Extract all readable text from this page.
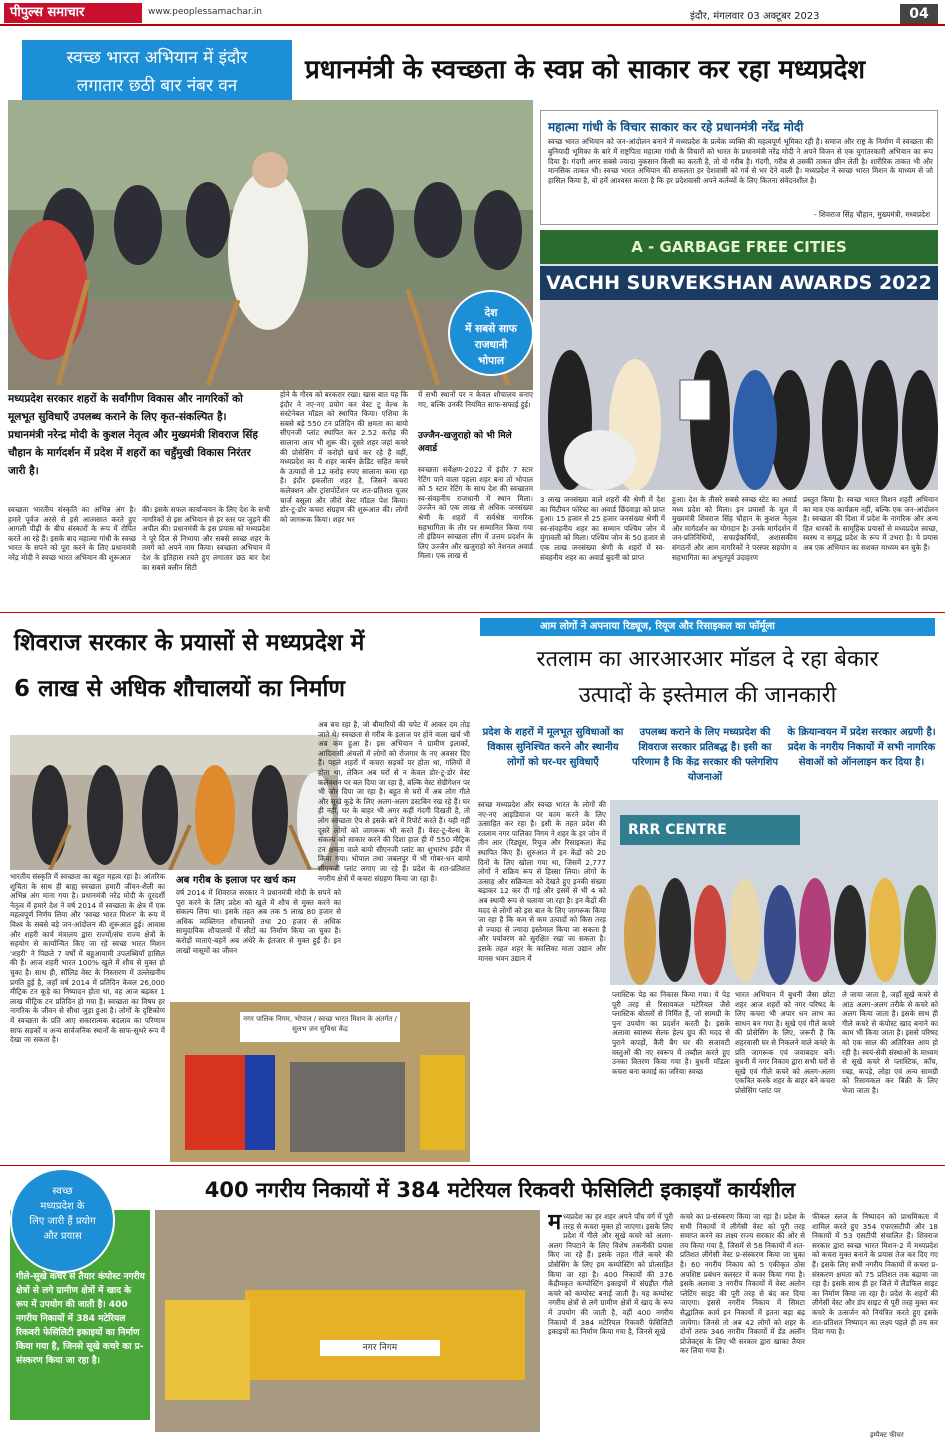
पीपुल्स समाचार	www.peoplessamachar.in	इंदौर, मंगलवार 03 अक्टूबर 2023	04
स्वच्छ भारत अभियान में इंदौर
लगातार छठी बार नंबर वन
प्रधानमंत्री के स्वच्छता के स्वप्न को साकार कर रहा मध्यप्रदेश
देश
में सबसे साफ
राजधानी
भोपाल
महात्मा गांधी के विचार साकार कर रहे प्रधानमंत्री नरेंद्र मोदी
स्वच्छ भारत अभियान को जन-आंदोलन बनाने में मध्यप्रदेश के प्रत्येक व्यक्ति की महत्वपूर्ण भूमिका रही है। समाज और राष्ट्र के निर्माण में स्वच्छता की बुनियादी भूमिका के बारे में राष्ट्रपिता महात्मा गांधी के विचारों को भारत के प्रधानमंत्री नरेंद्र मोदी ने अपने विजन से एक युगांतरकारी अभियान का रूप दिया है। गंदगी अगर सबसे ज्यादा नुकसान किसी का करती है, तो वो गरीब है। गंदगी, गरीब से उसकी ताकत छीन लेती है। शारीरिक ताकत भी और मानसिक ताकत भी। स्वच्छ भारत अभियान की सफलता हर देशवासी को गर्व से भर देने वाली है। मध्यप्रदेश ने स्वच्छ भारत मिशन के माध्यम से जो हासिल किया है, वो हमें आश्वस्त करता है कि हर प्रदेशवासी अपने कर्तव्यों के लिए कितना संवेदनशील है।
- शिवराज सिंह चौहान, मुख्यमंत्री, मध्यप्रदेश
A - GARBAGE FREE CITIES
VACHH SURVEKSHAN AWARDS 2022
मध्यप्रदेश सरकार शहरों के सर्वांगीण विकास और नागरिकों को मूलभूत सुविधाएँ उपलब्ध कराने के लिए कृत-संकल्पित है। प्रधानमंत्री नरेन्द्र मोदी के कुशल नेतृत्व और मुख्यमंत्री शिवराज सिंह चौहान के मार्गदर्शन में प्रदेश में शहरों का चहुँमुखी विकास निरंतर जारी है।
स्वच्छता भारतीय संस्कृति का अभिन्न अंग है। हमारे पूर्वज अरसे से इसे आत्मसात करते हुए आगली पीढ़ी के बीच संस्कारों के रूप में रोपित करते आ रहे हैं। इसके बाद महात्मा गांधी के स्वच्छ भारत के सपने को पूरा करने के लिए प्रधानमंत्री नरेंद्र मोदी ने स्वच्छ भारत अभियान की शुरूआत
की। इसके सफल कार्यान्वयन के लिए देश के सभी नागरिकों से इस अभियान से हर स्तर पर जुड़ने की अपील की। प्रधानमंत्री के इस प्रयास को मध्यप्रदेश ने पूरे दिल से निभाया और सबसे स्वच्छ शहर के तमगे को अपने नाम किया। स्वच्छता अभियान में देश के इतिहास रचते हुए लगातार छठ बार देश का सबसे क्लीन सिटी
होने के गौरव को बरकरार रखा। खास बात यह कि इंदौर ने नए-नए प्रयोग कर वेस्ट टू वेल्थ के सस्टेनेबल मॉडल को स्थापित किया। एशिया के सबसे बड़े 550 टन प्रतिदिन की क्षमता का बायो सीएनजी प्लांट स्थापित कर 2.52 करोड़ की सालाना आय भी शुरू की। दूसरे शहर जहां कचरे की प्रोसेसिंग में करोड़ों खर्च कर रहे हैं वहीं, मध्यप्रदेश का ये शहर कार्बन क्रेडिट सहित कचरे के उत्पादों से 12 करोड़ रुपए सालाना कमा रहा है। इंदौर इकलौता शहर है, जिसने कचरा कलेक्शन और ट्रांसपोर्टेशन पर शत-प्रतिशत यूजर चार्ज वसूला और जीरो वेस्ट मॉडल पेश किया। डोर-टू-डोर कचरा संग्रहण की शुरूआत की। लोगों को जागरूक किया। शहर भर
में सभी स्थानों पर न केवल शौचालय बनाए गए, बल्कि उनकी नियमित साफ-सफाई हुई।
उज्जैन-खजुराहो को भी मिले अवार्ड
स्वच्छता सर्वेक्षण-2022 में इंदौर 7 स्टार रेटिंग पाने वाला पहला शहर बना तो भोपाल को 5 स्टार रेटिंग के साथ देश की स्वच्छतम स्व-संवहनीय राजधानी में स्थान मिला। उज्जैन को एक लाख से अधिक जनसंख्या श्रेणी के शहरों में सर्वश्रेष्ठ नागरिक सहभागिता के तौर पर सम्मानित किया गया तो इंडियन स्वच्छता लीग में उत्तम प्रदर्शन के लिए उज्जैन और खजुराहो को नेशनल अवार्ड मिला। एक लाख से
3 लाख जनसंख्या वाले शहरों की श्रेणी में देश का मिटीयन फोरेस्ट का अवार्ड छिंदवाड़ा को प्राप्त हुआ। 15 हजार से 25 हजार जनसंख्या श्रेणी में स्व-संवहनीय शहर का सम्मान पश्चिम जोन में मुंगावली को मिला। पश्चिम जोन के 50 हजार से एक लाख जनसंख्या श्रेणी के शहरों में स्व- संवहनीय शहर का अवार्ड बुदनी को प्राप्त
हुआ। देश के तीसरे सबसे स्वच्छ स्टेट का अवार्ड मध्य प्रदेश को मिला। इन प्रयासों के मूल में मुख्यमंत्री शिवराज सिंह चौहान के कुशल नेतृत्व और मार्गदर्शन का योगदान है। उनके मार्गदर्शन में जन-प्रतिनिधियों, सफाईकर्मियों, अशासकीय संगठनों और आम नागरिकों ने परस्पर सहयोग व सहभागिता का अभूतपूर्व उदाहरण
प्रस्तुत किया है। स्वच्छ भारत मिशन शहरी अभियान का मात्र एक कार्यक्रम नहीं, बल्कि एक जन-आंदोलन है। स्वच्छता की दिशा में प्रदेश के नागरिक और अन्य हित धारकों के सामूहिक प्रयासों से मध्यप्रदेश स्वच्छ, स्वस्थ व समृद्ध प्रदेश के रूप में उभरा है। ये प्रयास अब एक अभियान का सशक्त माध्यम बन चुके हैं।
शिवराज सरकार के प्रयासों से मध्यप्रदेश में
6 लाख से अधिक शौचालयों का निर्माण
अब बच रहा है, जो बीमारियों की चपेट में आकर दम तोड़ जाते थे। स्वच्छता से गरीब के इलाज पर होने वाला खर्च भी अब कम हुआ है। इस अभियान ने ग्रामीण इलाकों, आदिवासी अंचलों में लोगों को रोजगार के नए अवसर दिए हैं। पहले शहरों में कचरा सड़कों पर होता था, गलियों में होता था, लेकिन अब घरों से न केवल डोर-टू-डोर वेस्ट कलेक्शन पर बल दिया जा रहा है, बल्कि वेस्ट सेग्रीगेशन पर भी जोर दिया जा रहा है। बहुत से घरों में अब लोग गीले और सूखे कूड़े के लिए अलग-अलग डस्टबिन रख रहे हैं। घर ही नहीं, घर के बाहर भी अगर कहीं गंदगी दिखती है, तो लोग स्वच्छता ऐप से इसके बारे में रिपोर्ट करते हैं। यही नहीं दूसरे लोगों को जागरूक भी करते हैं। वेस्ट-टू-वेल्थ के संकल्प को साकार करने की दिशा हाल ही में 550 मीट्रिक टन क्षमता वाले बायो सीएनजी प्लांट का शुभारंभ इंदौर में किया गया। भोपाल तथा जबलपुर में भी गोबर-धन बायो सीएनजी प्लांट लगाए जा रहे हैं। प्रदेश के शत-प्रतिशत नगरीय क्षेत्रों में कचरा संग्रहण किया जा रहा है।
भारतीय संस्कृति में स्वच्छता का बहुत महत्व रहा है। आंतरिक शुचिता के साथ ही बाह्य स्वच्छता हमारी जीवन-शैली का अभिन्न अंग माना गया है। प्रधानमंत्री नरेंद्र मोदी के दूरदर्शी नेतृत्व में हमारे देश ने वर्ष 2014 में स्वच्छता के क्षेत्र में एक महत्वपूर्ण निर्णय लिया और 'स्वच्छ भारत मिशन' के रूप में विश्व के सबसे बड़े जन-आंदोलन की शुरूआत हुई। आवास और शहरी कार्य मंत्रालय द्वारा राज्यों/संघ राज्य क्षेत्रों के सहयोग से कार्यान्वित किए जा रहे स्वच्छ भारत मिशन 'शहरी' ने पिछले 7 वर्षों में बहुआयामी उपलब्धियाँ हासिल की हैं। आज शहरी भारत 100% खुले में शौच से मुक्त हो चुका है। साथ ही, सॉलिड वेस्ट के निस्तारण में उल्लेखनीय प्रगति हुई है, जहाँ वर्ष 2014 में प्रतिदिन केवल 26,000 मीट्रिक टन कूड़े का निष्पादन होता था, वह आज बढ़कर 1 लाख मीट्रिक टन प्रतिदिन हो गया है। स्वच्छता का विषय हर नागरिक के जीवन से सीधा जुड़ा हुआ है। लोगों के दृष्टिकोण में स्वच्छता के प्रति आए सकारात्मक बदलाव का परिणाम साफ सड़कों व अन्य सार्वजनिक स्थानों के साफ-सुथरे रूप में देखा जा सकता है।
अब गरीब के इलाज पर खर्च कम
वर्ष 2014 में शिवराज सरकार ने प्रधानमंत्री मोदी के सपने को पूरा करने के लिए प्रदेश को खुले में शौच से मुक्त करने का संकल्प लिया था। इसके तहत अब तक 5 लाख 80 हजार से अधिक व्यक्तिगत शौचालयों तथा 20 हजार से अधिक सामुदायिक शौचालयों में सीटों का निर्माण किया जा चुका है। करोड़ों माताएं-बहनें अब अंधेरे के इंतजार से मुक्त हुईं हैं। इन लाखों मासूमों का जीवन
नगर पालिक निगम, भोपाल / स्वच्छ भारत मिशन के अंतर्गत / सुलभ जन सुविधा केंद्र
आम लोगों ने अपनाया रिड्यूज, रियूज और रिसाइकल का फॉर्मूला
रतलाम का आरआरआर मॉडल दे रहा बेकार
उत्पादों के इस्तेमाल की जानकारी
प्रदेश के शहरों में मूलभूत सुविधाओं का विकास सुनिश्चित करने और स्थानीय लोगों को घर-घर सुविधाएँ
उपलब्ध कराने के लिए मध्यप्रदेश की शिवराज सरकार प्रतिबद्ध है। इसी का परिणाम है कि केंद्र सरकार की फ्लेगशिप योजनाओं
के क्रियान्वयन में प्रदेश सरकार अग्रणी है। प्रदेश के नगरीय निकायों में सभी नागरिक सेवाओं को ऑनलाइन कर दिया है।
स्वच्छ मध्यप्रदेश और स्वच्छ भारत के लोगों की नए-नए आइडियाज पर काम करने के लिए उत्साहित कर रहा है। इसी के तहत प्रदेश की रतलाम नगर पालिका निगम ने शहर के हर जोन में तीन आर (रिड्यूस, रियूज और रिसाइकल) केंद्र स्थापित किए हैं। शुरुआत में इन केंद्रों को 20 दिनों के लिए खोला गया था, जिसमें 2,777 लोगों ने सक्रिय रूप से हिस्सा लिया। लोगों के उत्साह और सक्रियता को देखते हुए इनकी संख्या बढ़ाकर 12 कर दी गई और इसमें से भी 4 को अब स्थायी रूप से चलाया जा रहा है। इन केंद्रों की मदद से लोगों को इस बात के लिए जागरूक किया जा रहा है कि कम से कम उत्पादों को किस तरह से ज्यादा से ज्यादा इस्तेमाल किया जा सकता है और पर्यावरण को सुरक्षित रखा जा सकता है। इसके तहत शहर के कालिका माता उद्यान और मानस भवन उद्यान में
RRR CENTRE
प्लास्टिक पेड़ का निकास किया गया। ये पेड़ पूरी तरह से रिसायकल मटेरियल जैसे प्लास्टिक बोतलों से निर्मित हैं, जो सामग्री के पुनः उपयोग का प्रदर्शन करती है। इसके अलावा स्वास्थ्य सेल्फ हेल्प ग्रुप की मदद से पुराने कपड़ों, कैरी बैग घर की सजावटी वस्तुओं की नए स्वरूप में तब्दील करते हुए उनका वितरण किया गया है। बुधनी मॉडलः कचरा बना कमाई का जरियाः स्वच्छ
भारत अभियान में बुधनी जैसा छोटा शहर आज शहरों को नगर परिषद के लिए कचरा भी अपार धन लाभ का साधन बन गया है। सूखे एवं गीले कचरे की प्रोसेसिंग के लिए, जरूरी है कि शहरवासी घर से निकलने वाले कचरे के प्रति जागरूक एवं जवाबदार बनें। बुधनी में नगर निकाय द्वारा सभी घरों से सूखे एवं गीले कचरे को अलग-अलग एकत्रित करके शहर के बाहर बने कचरा प्रोसेसिंग प्लांट पर
ले जाया जाता है, जहाँ सूखे कचरे से आठ अलग-अलग तरीके से कचरे को अलग किया जाता है। इसके साथ ही गीले कचरे से कंपोस्ट खाद बनाने का काम भी किया जाता है। इससे परिषद को एक साल की अतिरिक्त आय हो रही है। स्वयं-सेवी संस्थाओं के माध्यम से सूखे कचरे से प्लास्टिक, काँच, रबड़, कपड़े, लोहा एवं अन्य सामग्री को रिसायकल कर बिक्री के लिए भेजा जाता है।
400 नगरीय निकायों में 384 मटेरियल रिकवरी फेसिलिटी इकाइयाँ कार्यशील
स्वच्छ
मध्यप्रदेश के
लिए जारी हैं प्रयोग
और प्रयास
गीले-सूखे कचरे से तैयार कंपोस्ट नगरीय क्षेत्रों से लगे ग्रामीण क्षेत्रों में खाद के रूप में उपयोग की जाती है। 400 नगरीय निकायों में 384 मटेरियल रिकवरी फेसिलिटी इकाइयों का निर्माण किया गया है, जिनसे सूखे कचरे का प्र-संस्करण किया जा रहा है।
नगर निगम
मध्यप्रदेश का हर शहर अपने पाँच वर्ग में पूरी तरह से कचरा मुक्त हो जाएगा। इसके लिए प्रदेश में गीले और सूखे कचरे को अलग-अलग निपटाने के लिए विशेष तकनीकी प्रयास किए जा रहे हैं। इसके तहत गीले कचरे की प्रोसेसिंग के लिए हम कम्पोस्टिंग को प्रोत्साहित किया जा रहा है। 400 निकायों की 376 केंद्रीयकृत कम्पोस्टिंग इकाइयों में संग्रहीत गीले कचरे को कम्पोस्ट बनाई जाती है। यह कम्पोस्ट नगरीय क्षेत्रों से लगे ग्रामीण क्षेत्रों में खाद के रूप में उपयोग की जाती है, वहीं 400 नगरीय निकायों में 384 मटेरियल रिकवरी फेसिलिटी इकाइयों का निर्माण किया गया है, जिनसे सूखे
कचरे का प्र-संस्करण किया जा रहा है। प्रदेश के सभी निकायों में लीगेसी वेस्ट को पूरी तरह समाप्त करने का लक्ष्य राज्य सरकार की ओर से तय किया गया है, जिसमें से 58 निकायों में शत-प्रतिशत लीगेसी वेस्ट प्र-संस्करण किया जा चुका है। 60 नगरीय निकाय को 5 एकीकृत ठोस अपशिष्ट प्रबंधन क्लस्टर में कवर किया गया है। इसके अलावा 3 नगरीय निकायों में वेस्ट अलोन प्लेटिंग साइट की पूरी तरह से बंद कर दिया जाएगा। इससे नगरीय निकाय में सिमटा सैद्धांतिक कार्य इन निकायों में इतना बड़ा बढ़ जायेगा। जिनसे तो अब 42 लोगों को शहर के दोनों तरफ 346 नगरीय निकायों में डेंड अलॉन प्रोजेक्ट्स के लिए भी सरकार द्वारा खाका तैयार कर लिया गया है।
फीकल स्लज के निष्पादन को प्राथमिकता में शामिल करते हुए 354 एफएसटीपी और 18 निकायों में 53 एसटीपी संचालित हैं। शिवराज सरकार द्वारा स्वच्छ भारत मिशन-2 में मध्यप्रदेश को कचरा मुक्त बनाने के प्रयास तेज कर दिए गए हैं। इसके लिए सभी नगरीय निकायों में कचरा प्र-संस्करण क्षमता को 75 प्रतिशत तक बढ़ाया जा रहा है। इसके साथ ही हर जिले में लैंडफिल साइट का निर्माण किया जा रहा है। प्रदेश के शहरों की लीगेसी वेस्ट और डंप साइट से पूरी तरह मुक्त कर कचरे के उत्सर्जन को नियंत्रित करते हुए इसके शत-प्रतिशत निष्पादन का लक्ष्य पहले ही तय कर दिया गया है।
इम्पैक्ट फीचर
